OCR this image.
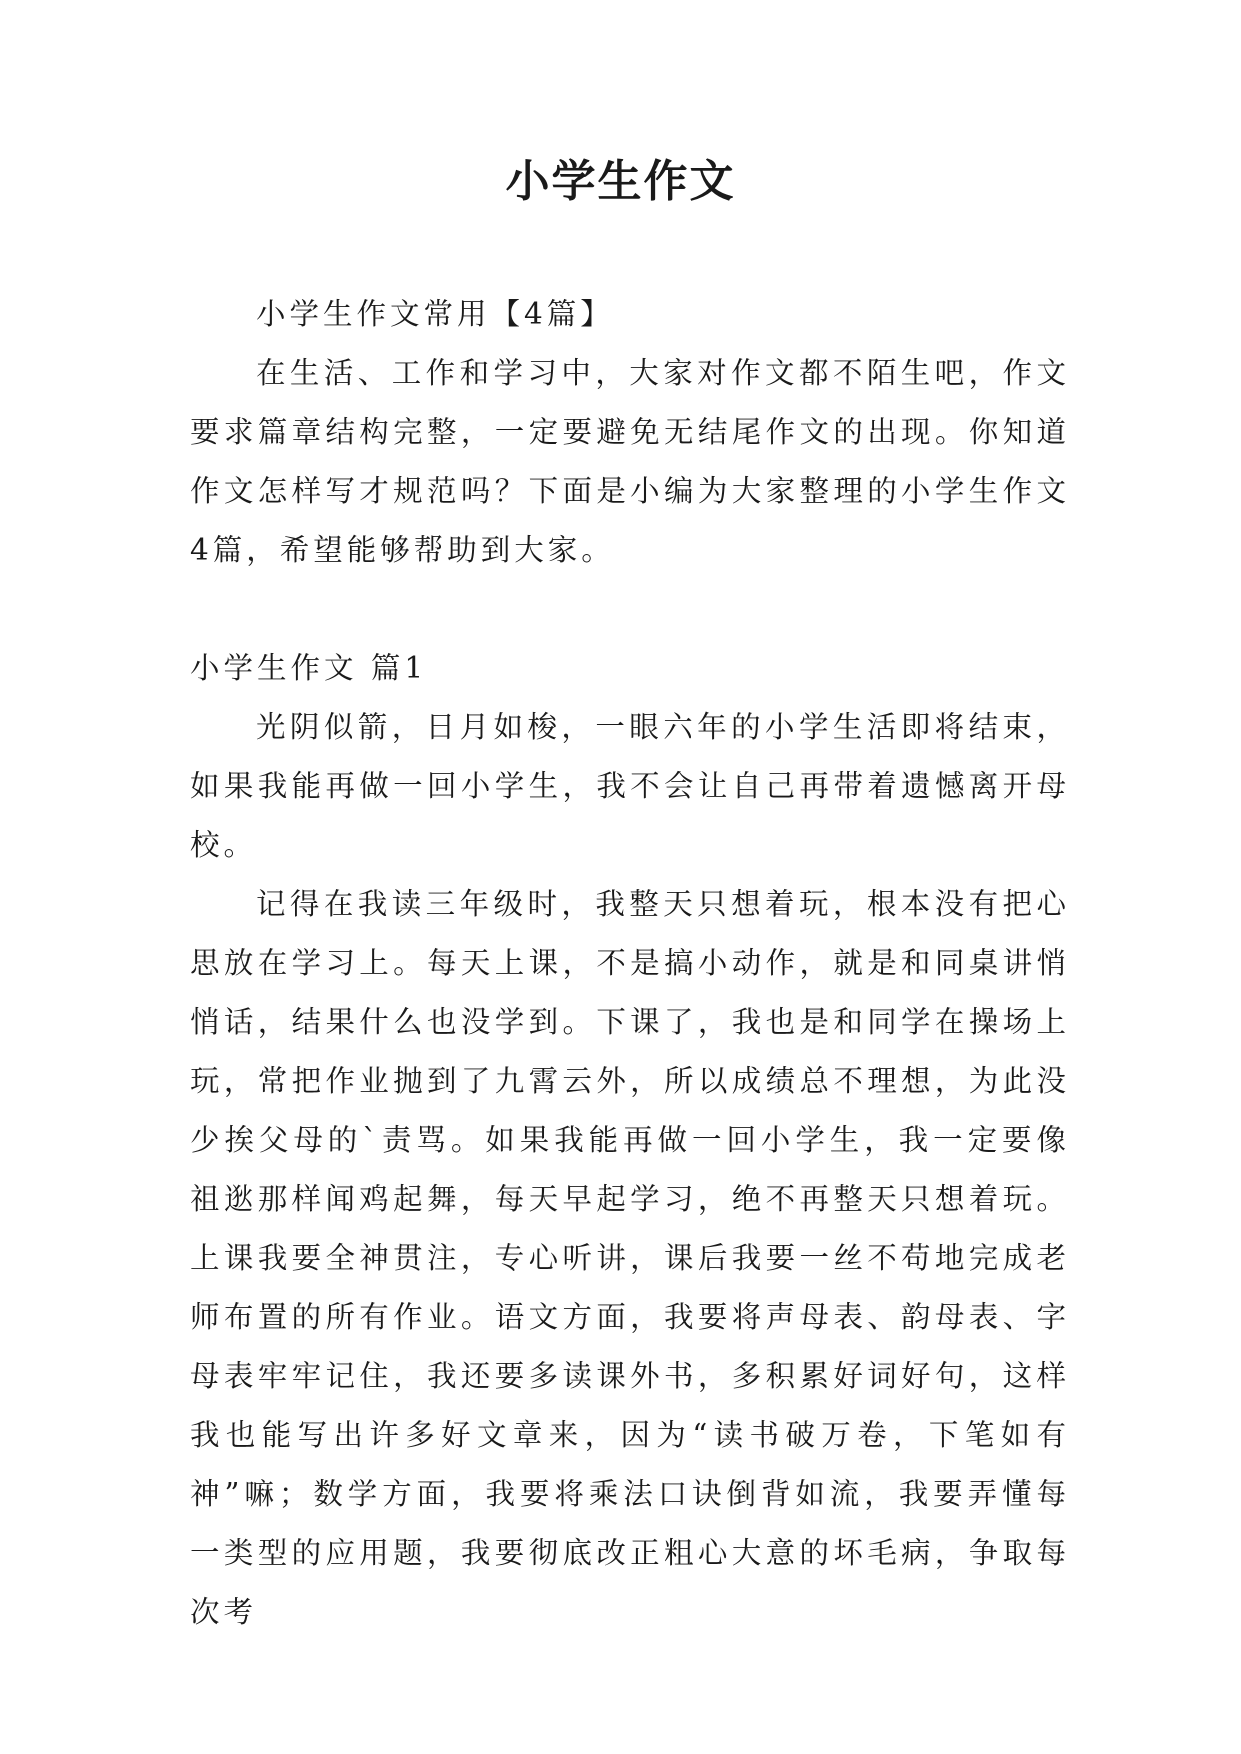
小学生作文

小学生作文常用【4篇】

在生活、工作和学习中，大家对作文都不陌生吧，作文要求篇章结构完整，一定要避免无结尾作文的出现。你知道作文怎样写才规范吗？下面是小编为大家整理的小学生作文4篇，希望能够帮助到大家。

小学生作文 篇1

光阴似箭，日月如梭，一眼六年的小学生活即将结束，如果我能再做一回小学生，我不会让自己再带着遗憾离开母校。

记得在我读三年级时，我整天只想着玩，根本没有把心思放在学习上。每天上课，不是搞小动作，就是和同桌讲悄悄话，结果什么也没学到。下课了，我也是和同学在操场上玩，常把作业抛到了九霄云外，所以成绩总不理想，为此没少挨父母的`责骂。如果我能再做一回小学生，我一定要像祖逖那样闻鸡起舞，每天早起学习，绝不再整天只想着玩。上课我要全神贯注，专心听讲，课后我要一丝不苟地完成老师布置的所有作业。语文方面，我要将声母表、韵母表、字母表牢牢记住，我还要多读课外书，多积累好词好句，这样我也能写出许多好文章来，因为“读书破万卷，下笔如有神”嘛；数学方面，我要将乘法口诀倒背如流，我要弄懂每一类型的应用题，我要彻底改正粗心大意的坏毛病，争取每次考
